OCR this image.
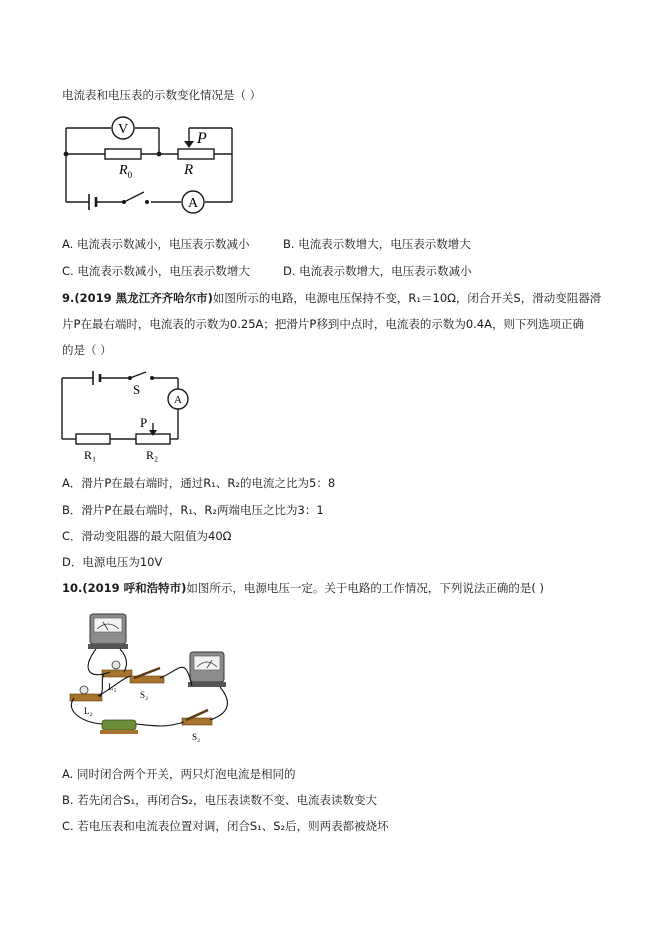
电流表和电压表的示数变化情况是（ ）
V
A
P
R
$R_0$
A. 电流表示数减小，电压表示数减小	B. 电流表示数增大，电压表示数增大
C. 电流表示数减小，电压表示数增大	D. 电流表示数增大，电压表示数减小
9.(2019 黑龙江齐齐哈尔市)如图所示的电路，电源电压保持不变，R₁＝10Ω，闭合开关S，滑动变阻器滑
片P在最右端时，电流表的示数为0.25A；把滑片P移到中点时，电流表的示数为0.4A，则下列选项正确
的是（ ）
S
A
P
R₁	R₂
A．滑片P在最右端时，通过R₁、R₂的电流之比为5：8
B．滑片P在最右端时，R₁、R₂两端电压之比为3：1
C．滑动变阻器的最大阻值为40Ω
D．电源电压为10V
10.(2019 呼和浩特市)如图所示，电源电压一定。关于电路的工作情况，下列说法正确的是( )
L₁
S₂
L₂
S₂
A. 同时闭合两个开关，两只灯泡电流是相同的
B. 若先闭合S₁，再闭合S₂，电压表读数不变、电流表读数变大
C. 若电压表和电流表位置对调，闭合S₁、S₂后，则两表都被烧坏
